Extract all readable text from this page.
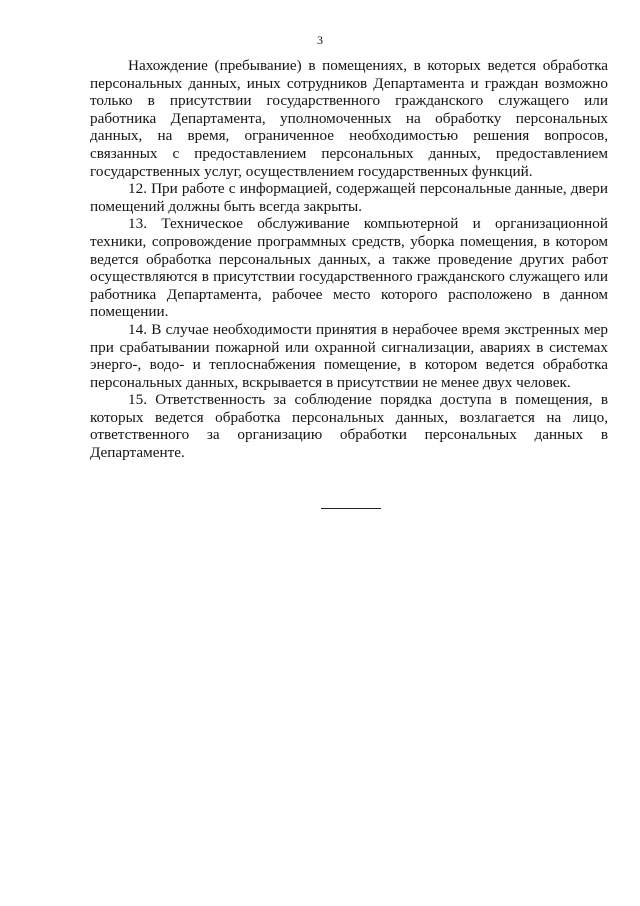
3

Нахождение (пребывание) в помещениях, в которых ведется обработка персональных данных, иных сотрудников Департамента и граждан возможно только в присутствии государственного гражданского служащего или работника Департамента, уполномоченных на обработку персональных данных, на время, ограниченное необходимостью решения вопросов, связанных с предоставлением персональных данных, предоставлением государственных услуг, осуществлением государственных функций.

12. При работе с информацией, содержащей персональные данные, двери помещений должны быть всегда закрыты.

13. Техническое обслуживание компьютерной и организационной техники, сопровождение программных средств, уборка помещения, в котором ведется обработка персональных данных, а также проведение других работ осуществляются в присутствии государственного гражданского служащего или работника Департамента, рабочее место которого расположено в данном помещении.

14. В случае необходимости принятия в нерабочее время экстренных мер при срабатывании пожарной или охранной сигнализации, авариях в системах энерго-, водо- и теплоснабжения помещение, в котором ведется обработка персональных данных, вскрывается в присутствии не менее двух человек.

15. Ответственность за соблюдение порядка доступа в помещения, в которых ведется обработка персональных данных, возлагается на лицо, ответственного за организацию обработки персональных данных в Департаменте.
